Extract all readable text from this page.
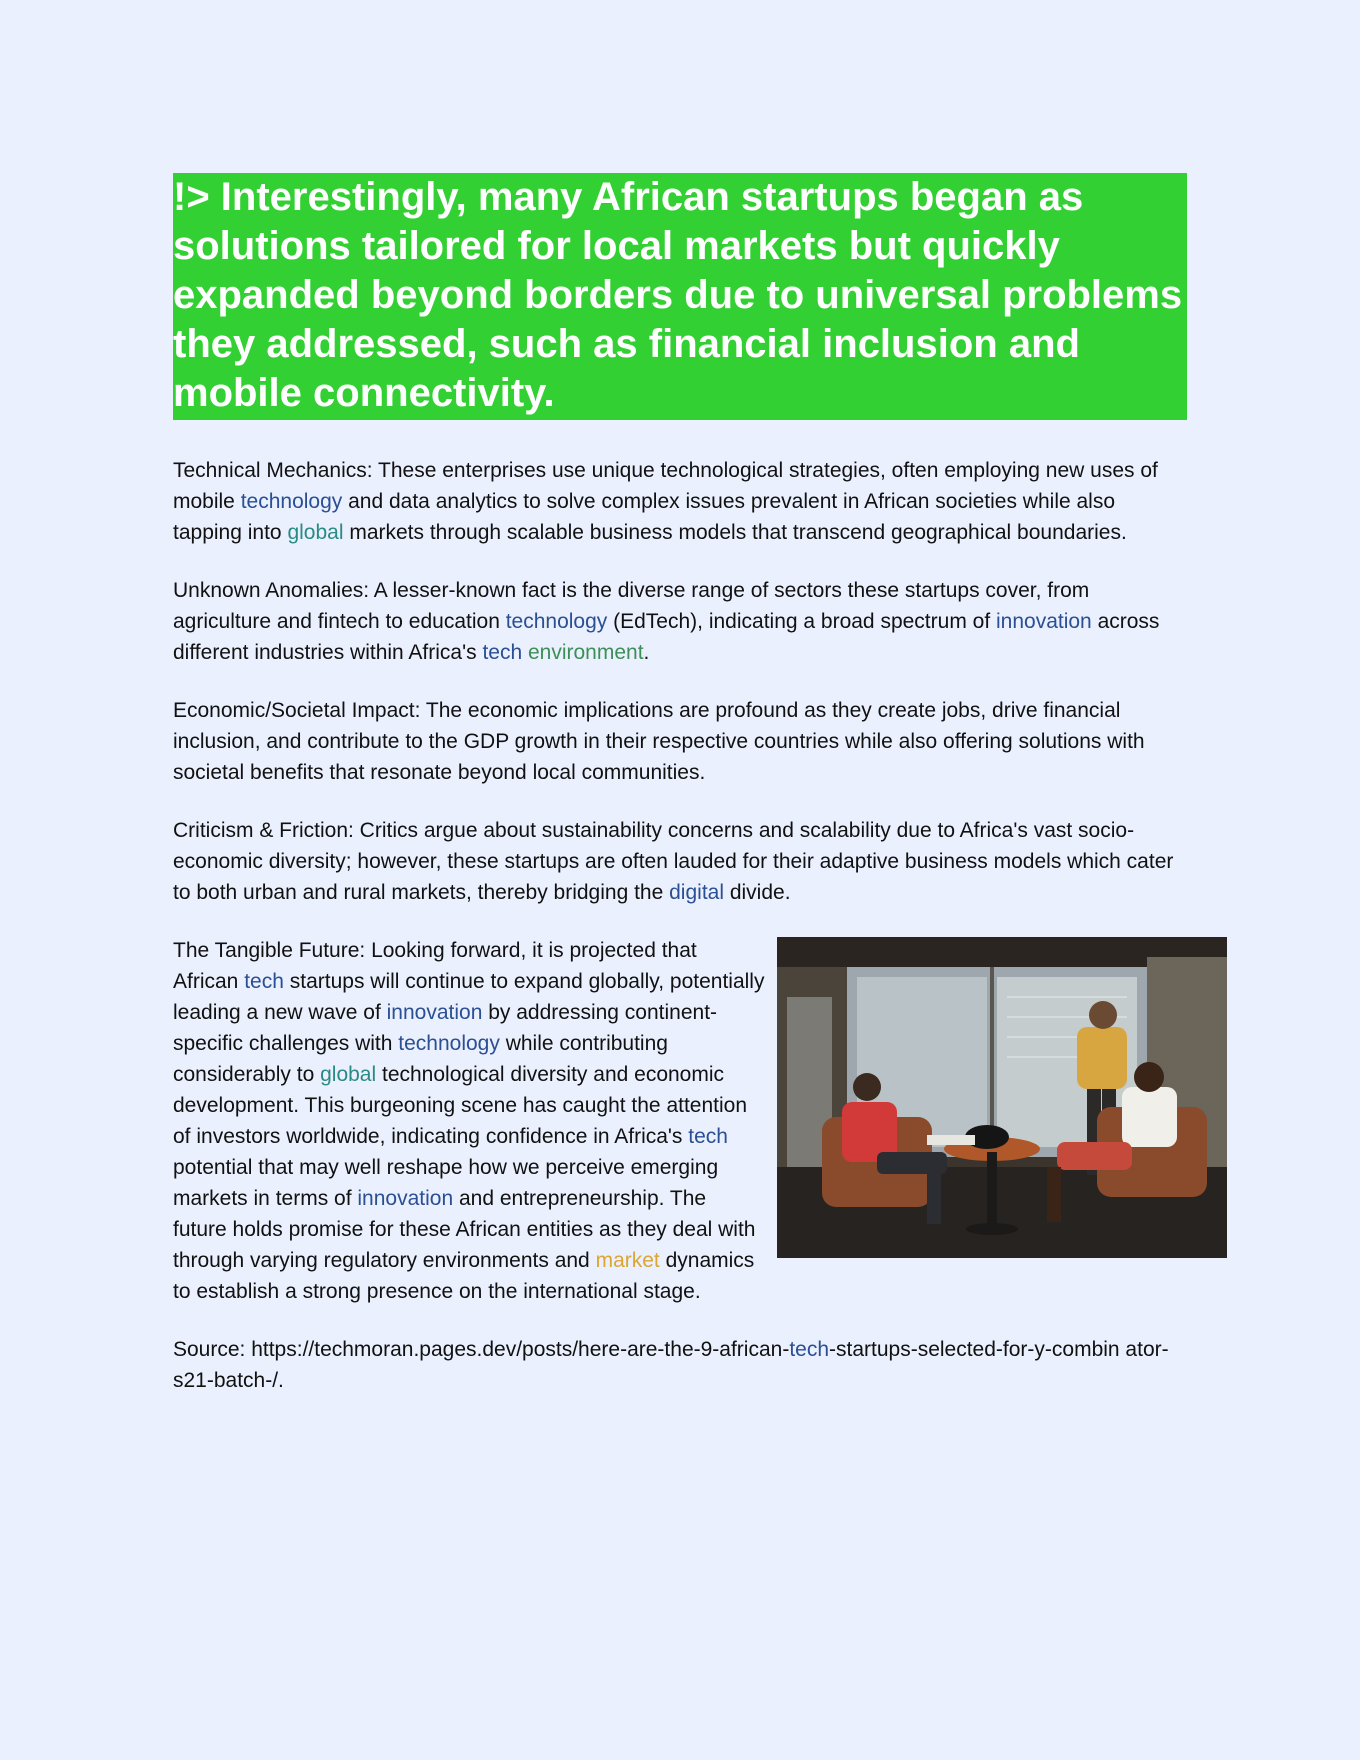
!> Interestingly, many African startups began as solutions tailored for local markets but quickly expanded beyond borders due to universal problems they addressed, such as financial inclusion and mobile connectivity.

Technical Mechanics: These enterprises use unique technological strategies, often employing new uses of mobile technology and data analytics to solve complex issues prevalent in African societies while also tapping into global markets through scalable business models that transcend geographical boundaries.

Unknown Anomalies: A lesser-known fact is the diverse range of sectors these startups cover, from agriculture and fintech to education technology (EdTech), indicating a broad spectrum of innovation across different industries within Africa's tech environment.

Economic/Societal Impact: The economic implications are profound as they create jobs, drive financial inclusion, and contribute to the GDP growth in their respective countries while also offering solutions with societal benefits that resonate beyond local communities.

Criticism & Friction: Critics argue about sustainability concerns and scalability due to Africa's vast socio-economic diversity; however, these startups are often lauded for their adaptive business models which cater to both urban and rural markets, thereby bridging the digital divide.

The Tangible Future: Looking forward, it is projected that African tech startups will continue to expand globally, potentially leading a new wave of innovation by addressing continent-specific challenges with technology while contributing considerably to global technological diversity and economic development. This burgeoning scene has caught the attention of investors worldwide, indicating confidence in Africa's tech potential that may well reshape how we perceive emerging markets in terms of innovation and entrepreneurship. The future holds promise for these African entities as they deal with through varying regulatory environments and market dynamics to establish a strong presence on the international stage.

Source: https://techmoran.pages.dev/posts/here-are-the-9-african-tech-startups-selected-for-y-combin ator-s21-batch-/.
